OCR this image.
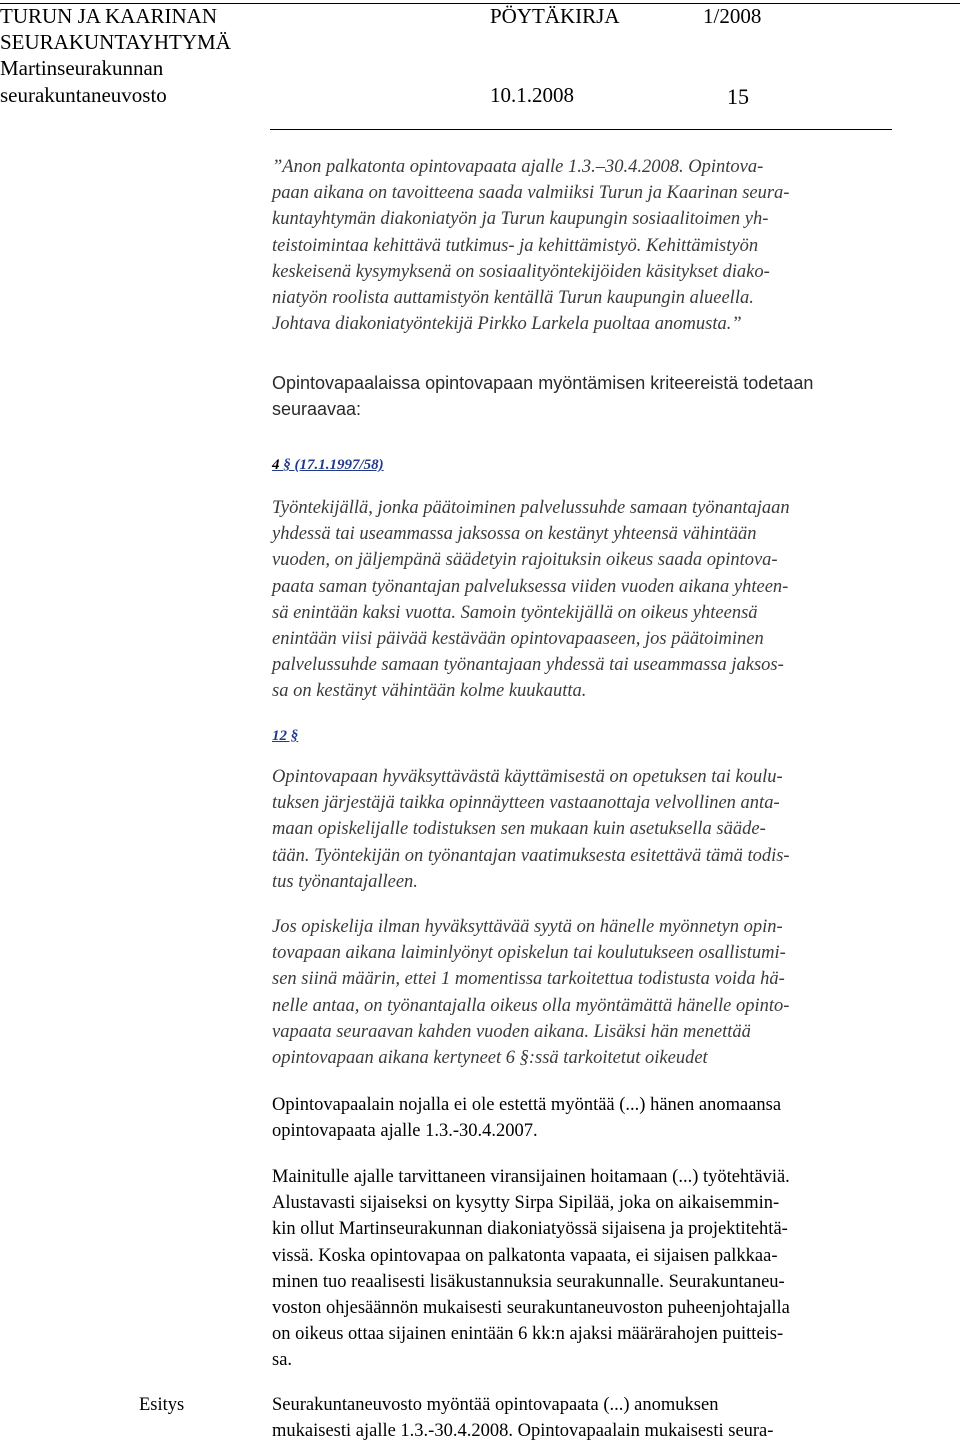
TURUN JA KAARINAN
SEURAKUNTAYHTYMÄ
Martinseurakunnan
seurakuntaneuvosto
PÖYTÄKIRJA	1/2008
10.1.2008	15
”Anon palkatonta opintovapaata ajalle 1.3.–30.4.2008. Opintova-
paan aikana on tavoitteena saada valmiiksi Turun ja Kaarinan seura-
kuntayhtymän diakoniatyön ja Turun kaupungin sosiaalitoimen yh-
teistoimintaa kehittävä tutkimus- ja kehittämistyö. Kehittämistyön
keskeisenä kysymyksenä on sosiaalityöntekijöiden käsitykset diako-
niatyön roolista auttamistyön kentällä Turun kaupungin alueella.
Johtava diakoniatyöntekijä Pirkko Larkela puoltaa anomusta.”
Opintovapaalaissa opintovapaan myöntämisen kriteereistä todetaan
seuraavaa:
4 § (17.1.1997/58)
Työntekijällä, jonka päätoiminen palvelussuhde samaan työnantajaan
yhdessä tai useammassa jaksossa on kestänyt yhteensä vähintään
vuoden, on jäljempänä säädetyin rajoituksin oikeus saada opintova-
paata saman työnantajan palveluksessa viiden vuoden aikana yhteen-
sä enintään kaksi vuotta. Samoin työntekijällä on oikeus yhteensä
enintään viisi päivää kestävään opintovapaaseen, jos päätoiminen
palvelussuhde samaan työnantajaan yhdessä tai useammassa jaksos-
sa on kestänyt vähintään kolme kuukautta.
12 §
Opintovapaan hyväksyttävästä käyttämisestä on opetuksen tai koulu-
tuksen järjestäjä taikka opinnäytteen vastaanottaja velvollinen anta-
maan opiskelijalle todistuksen sen mukaan kuin asetuksella sääde-
tään. Työntekijän on työnantajan vaatimuksesta esitettävä tämä todis-
tus työnantajalleen.
Jos opiskelija ilman hyväksyttävää syytä on hänelle myönnetyn opin-
tovapaan aikana laiminlyönyt opiskelun tai koulutukseen osallistumi-
sen siinä määrin, ettei 1 momentissa tarkoitettua todistusta voida hä-
nelle antaa, on työnantajalla oikeus olla myöntämättä hänelle opinto-
vapaata seuraavan kahden vuoden aikana. Lisäksi hän menettää
opintovapaan aikana kertyneet 6 §:ssä tarkoitetut oikeudet
Opintovapaalain nojalla ei ole estettä myöntää (...) hänen anomaansa
opintovapaata ajalle 1.3.-30.4.2007.
Mainitulle ajalle tarvittaneen viransijainen hoitamaan (...) työtehtäviä.
Alustavasti sijaiseksi on kysytty Sirpa Sipilää, joka on aikaisemmin-
kin ollut Martinseurakunnan diakoniatyössä sijaisena ja projektitehtä-
vissä. Koska opintovapaa on palkatonta vapaata, ei sijaisen palkkaa-
minen tuo reaalisesti lisäkustannuksia seurakunnalle. Seurakuntaneu-
voston ohjesäännön mukaisesti seurakuntaneuvoston puheenjohtajalla
on oikeus ottaa sijainen enintään 6 kk:n ajaksi määrärahojen puitteis-
sa.
Esitys	Seurakuntaneuvosto myöntää opintovapaata (...) anomuksen
mukaisesti ajalle 1.3.-30.4.2008. Opintovapaalain mukaisesti seura-
